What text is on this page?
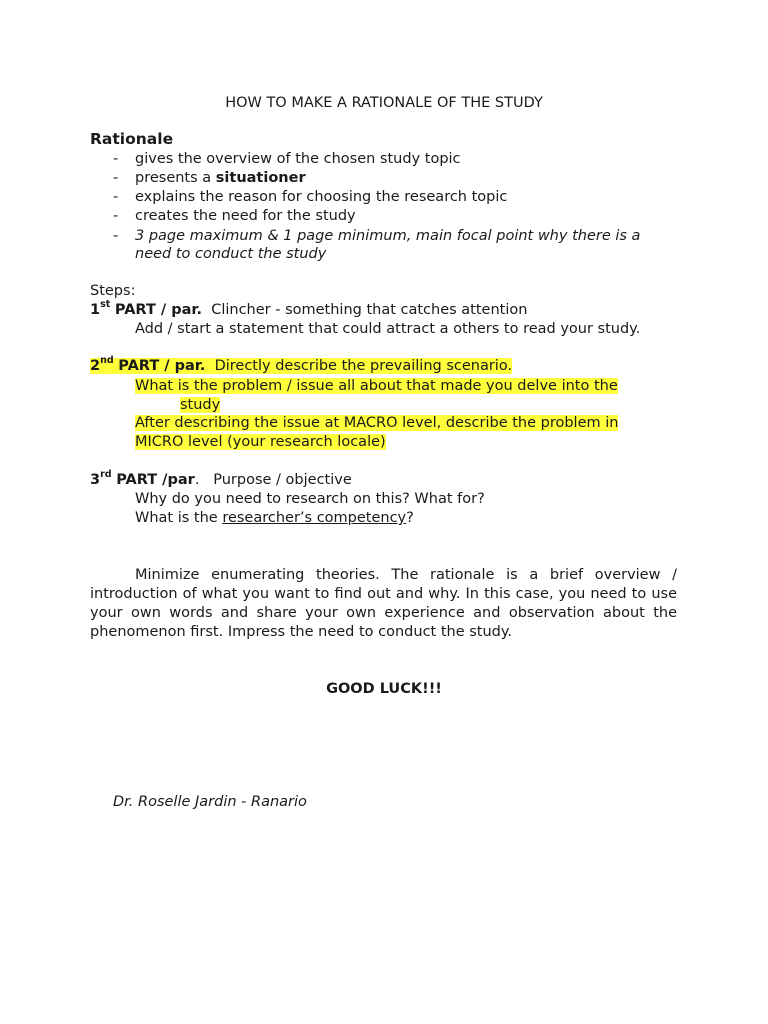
HOW TO MAKE A RATIONALE OF THE STUDY
Rationale
- gives the overview of the chosen study topic
- presents a situationer
- explains the reason for choosing the research topic
- creates the need for the study
- 3 page maximum & 1 page minimum, main focal point why there is a
need to conduct the study
Steps:
1st PART / par. Clincher - something that catches attention
Add / start a statement that could attract a others to read your study.
2nd PART / par. Directly describe the prevailing scenario.
What is the problem / issue all about that made you delve into the
study
After describing the issue at MACRO level, describe the problem in
MICRO level (your research locale)
3rd PART /par.   Purpose / objective
Why do you need to research on this? What for?
What is the researcher’s competency?
Minimize enumerating theories. The rationale is a brief overview / introduction of what you want to find out and why. In this case, you need to use your own words and share your own experience and observation about the phenomenon first. Impress the need to conduct the study.
GOOD LUCK!!!
Dr. Roselle Jardin - Ranario
